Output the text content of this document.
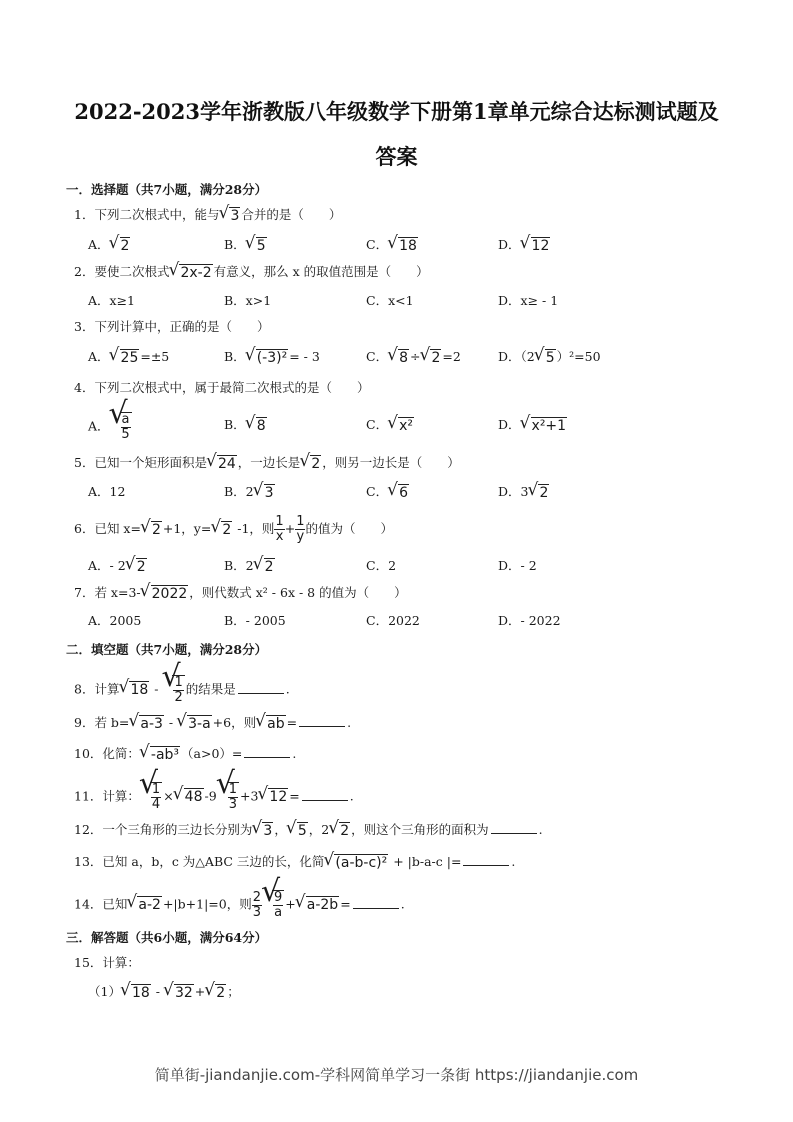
2022-2023学年浙教版八年级数学下册第1章单元综合达标测试题及
答案
一．选择题（共7小题，满分28分）
1．下列二次根式中，能与 √ 3 合并的是（　　）
A． √ 2	B． √ 5	C． √ 18	D． √ 12
2．要使二次根式 √ 2x-2 有意义，那么 x 的取值范围是（　　）
A．x≥1	B．x>1	C．x<1	D．x≥ - 1
3．下列计算中，正确的是（　　）
A． √ 25 =±5	B． √ (-3)² = - 3	C． √ 8 ÷ √ 2 =2	D．（2 √ 5 ）²=50
4．下列二次根式中，属于最简二次根式的是（　　）
A． √ $\frac{a}{5}$	B． √ 8	C． √ x²	D． √ x²+1
5．已知一个矩形面积是 √ 24 ，一边长是 √ 2 ，则另一边长是（　　）
A．12	B．2 √ 3	C． √ 6	D．3 √ 2
6．已知 x= √ 2 +1，y= √ 2 -1，则 $\frac{1}{x} + \frac{1}{y}$ 的值为（　　）
A．- 2 √ 2	B．2 √ 2	C．2	D．- 2
7．若 x=3- √ 2022 ，则代数式 x² - 6x - 8 的值为（　　）
A．2005	B．- 2005	C．2022	D．- 2022
二．填空题（共7小题，满分28分）
8．计算 √ 18 - √ $\frac{1}{2}$ 的结果是	.
9．若 b= √ a-3 - √ 3-a +6，则 √ ab =	.
10．化简： √ -ab³ （a>0）=	.
11．计算： √ $\frac{1}{4}$ × √ 48 -9 √ $\frac{1}{3} +3$ √ 12 =	.
12．一个三角形的三边长分别为 √ 3 ， √ 5 ，2 √ 2 ，则这个三角形的面积为	.
13．已知 a，b，c 为△ABC 三边的长，化简 √ (a-b-c)² + |b-a-c |=	.
14．已知 √ a-2 +|b+1|=0，则 $\frac{2}{3}$ √ $\frac{9}{a}$ + √ a-2b =	.
三．解答题（共6小题，满分64分）
15．计算：
（1） √ 18 - √ 32 + √ 2 ；
简单街-jiandanjie.com-学科网简单学习一条街 https://jiandanjie.com
